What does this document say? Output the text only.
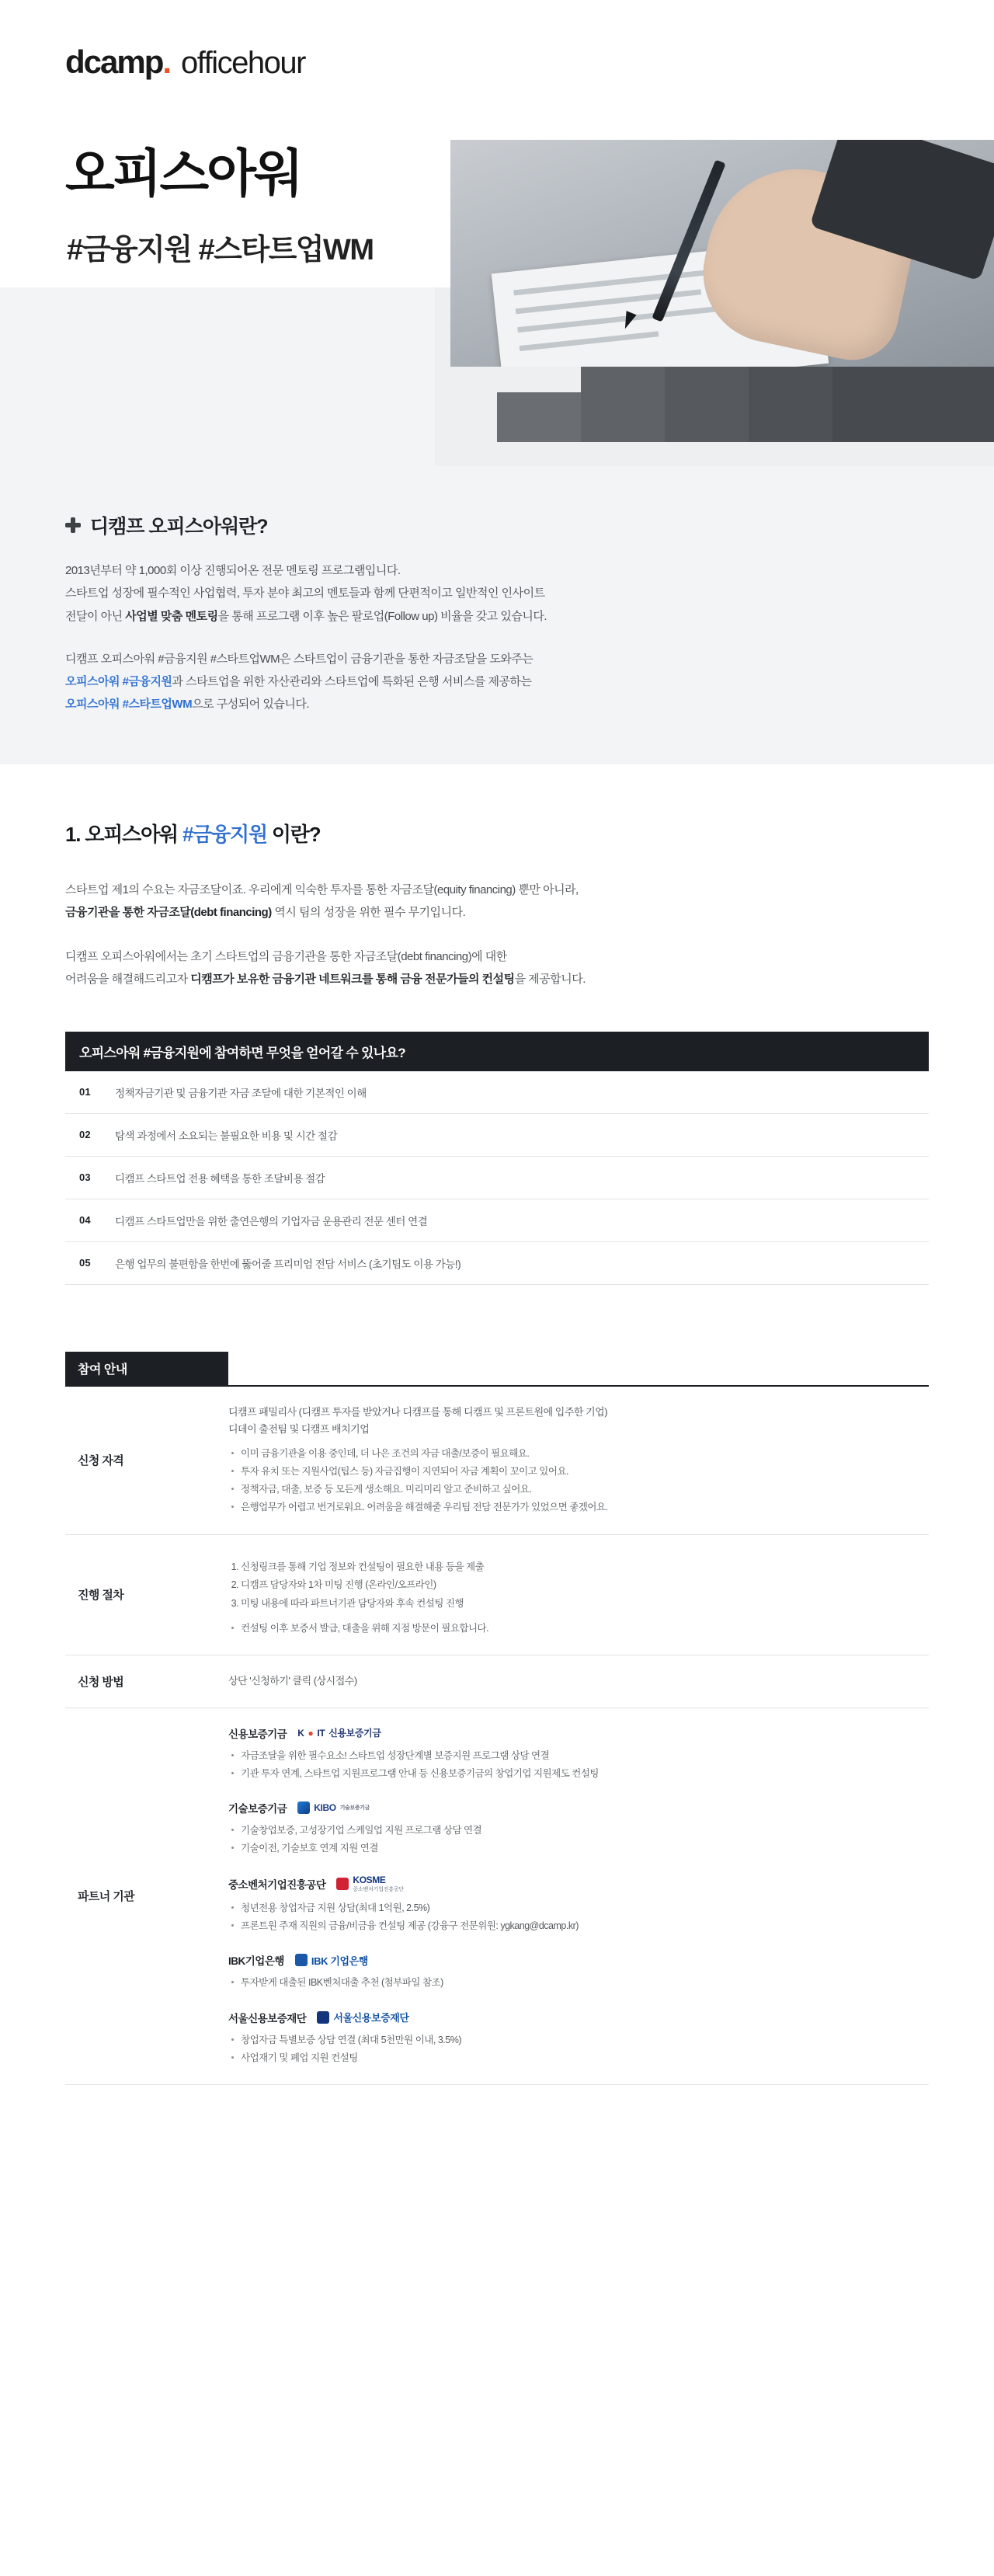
dcamp. officehour
오피스아워
#금융지원 #스타트업WM
디캠프 오피스아워란?

2013년부터 약 1,000회 이상 진행되어온 전문 멘토링 프로그램입니다.
스타트업 성장에 필수적인 사업협력, 투자 분야 최고의 멘토들과 함께 단편적이고 일반적인 인사이트
전달이 아닌 사업별 맞춤 멘토링을 통해 프로그램 이후 높은 팔로업(Follow up) 비율을 갖고 있습니다.

디캠프 오피스아워 #금융지원 #스타트업WM은 스타트업이 금융기관을 통한 자금조달을 도와주는
오피스아워 #금융지원과 스타트업을 위한 자산관리와 스타트업에 특화된 은행 서비스를 제공하는
오피스아워 #스타트업WM으로 구성되어 있습니다.

1. 오피스아워 #금융지원 이란?

스타트업 제1의 수요는 자금조달이죠. 우리에게 익숙한 투자를 통한 자금조달(equity financing) 뿐만 아니라,
금융기관을 통한 자금조달(debt financing) 역시 팀의 성장을 위한 필수 무기입니다.

디캠프 오피스아워에서는 초기 스타트업의 금융기관을 통한 자금조달(debt financing)에 대한
어려움을 해결해드리고자 디캠프가 보유한 금융기관 네트워크를 통해 금융 전문가들의 컨설팅을 제공합니다.

오피스아워 #금융지원에 참여하면 무엇을 얻어갈 수 있나요?
01	정책자금기관 및 금융기관 자금 조달에 대한 기본적인 이해
02	탐색 과정에서 소요되는 불필요한 비용 및 시간 절감
03	디캠프 스타트업 전용 혜택을 통한 조달비용 절감
04	디캠프 스타트업만을 위한 출연은행의 기업자금 운용관리 전문 센터 연결
05	은행 업무의 불편함을 한번에 뚫어줄 프리미엄 전담 서비스 (초기팀도 이용 가능!)
참여 안내
신청 자격
디캠프 패밀리사 (디캠프 투자를 받았거나 디캠프를 통해 디캠프 및 프론트원에 입주한 기업)
디데이 출전팀 및 디캠프 배치기업
이미 금융기관을 이용 중인데, 더 나은 조건의 자금 대출/보증이 필요해요.
투자 유치 또는 지원사업(팁스 등) 자금집행이 지연되어 자금 계획이 꼬이고 있어요.
정책자금, 대출, 보증 등 모든게 생소해요. 미리미리 알고 준비하고 싶어요.
은행업무가 어렵고 번거로워요. 어려움을 해결해줄 우리팀 전담 전문가가 있었으면 좋겠어요.
진행 절차
1. 신청링크를 통해 기업 정보와 컨설팅이 필요한 내용 등을 제출
2. 디캠프 담당자와 1차 미팅 진행 (온라인/오프라인)
3. 미팅 내용에 따라 파트너기관 담당자와 후속 컨설팅 진행
컨설팅 이후 보증서 발급, 대출을 위해 지점 방문이 필요합니다.
신청 방법	상단 '신청하기' 클릭 (상시접수)
파트너 기관
신용보증기금 K ● IT 신용보증기금
자금조달을 위한 필수요소! 스타트업 성장단계별 보증지원 프로그램 상담 연결
기관 투자 연계, 스타트업 지원프로그램 안내 등 신용보증기금의 창업기업 지원제도 컨설팅
기술보증기금	KIBO 기술보증기금
기술창업보증, 고성장기업 스케일업 지원 프로그램 상담 연결
기술이전, 기술보호 연계 지원 연결
중소벤처기업진흥공단	KOSME
중소벤처기업진흥공단
청년전용 창업자금 지원 상담(최대 1억원, 2.5%)
프론트원 주재 직원의 금융/비금융 컨설팅 제공 (강융구 전문위원: ygkang@dcamp.kr)
IBK기업은행	IBK 기업은행
투자받게 대출된 IBK벤처대출 추천 (첨부파일 참조)
서울신용보증재단	서울신용보증재단
창업자금 특별보증 상담 연결 (최대 5천만원 이내, 3.5%)
사업재기 및 폐업 지원 컨설팅
